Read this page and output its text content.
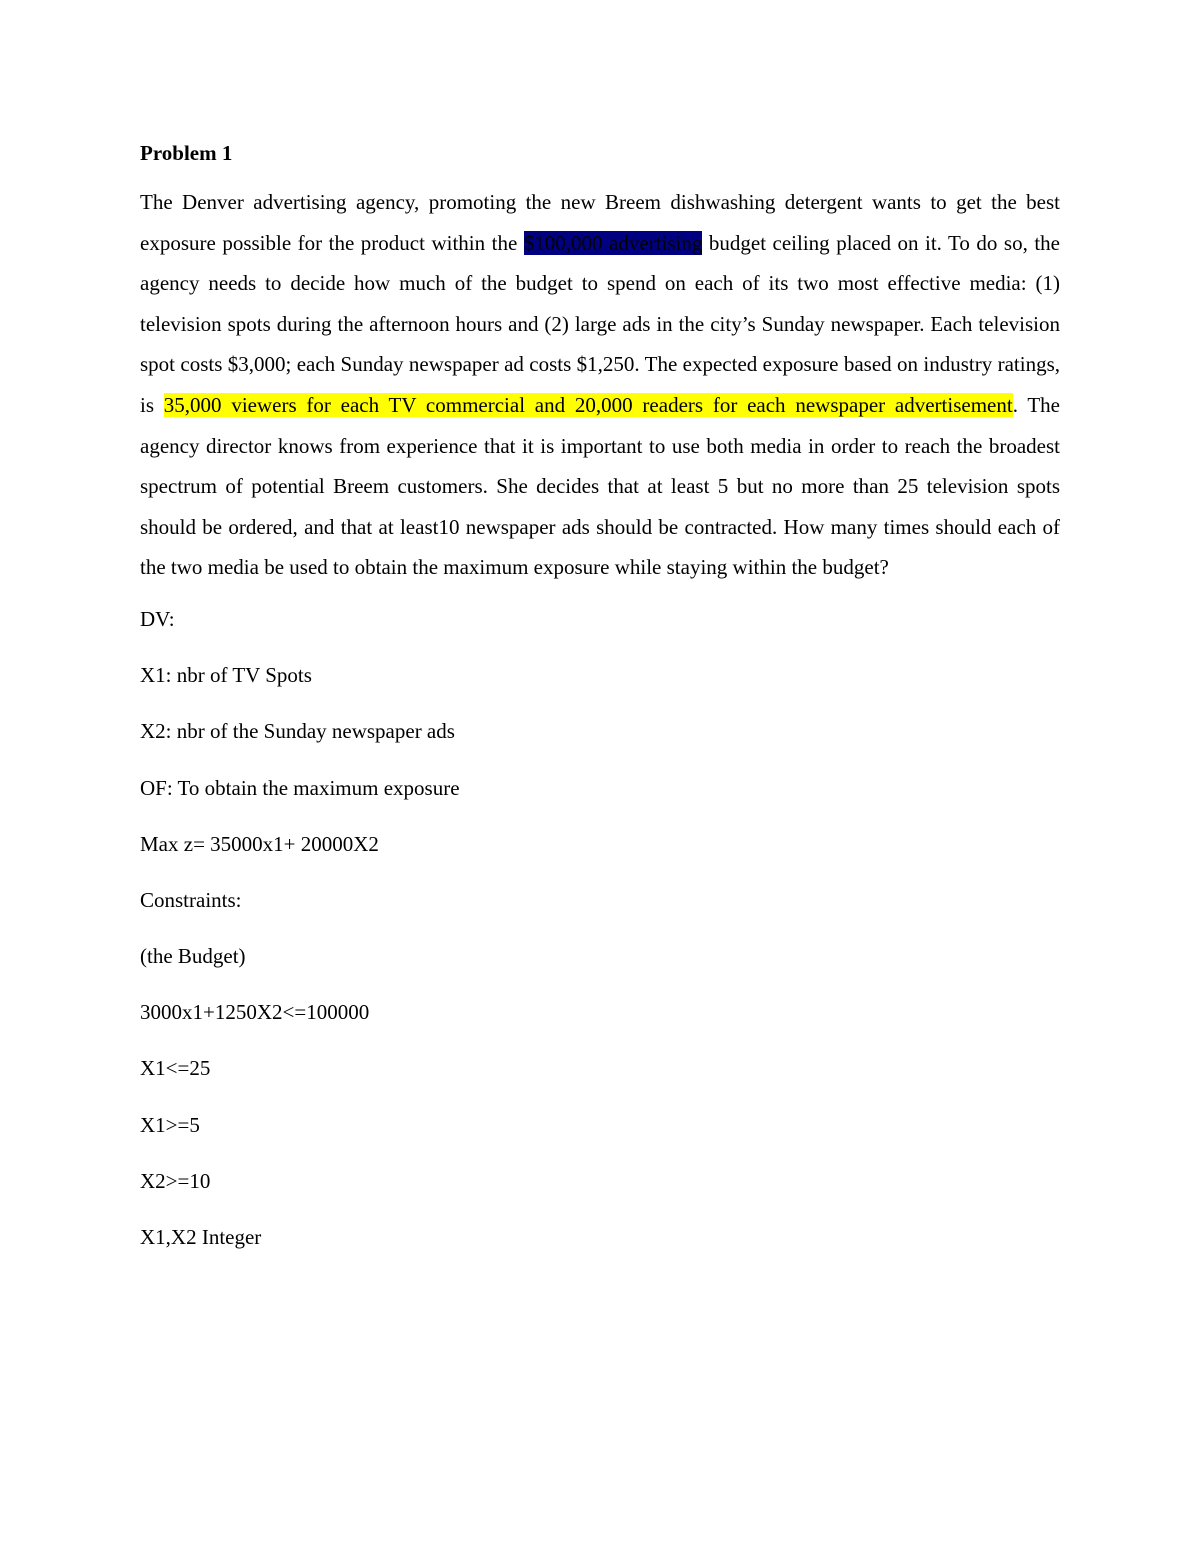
Problem 1

The Denver advertising agency, promoting the new Breem dishwashing detergent wants to get the best exposure possible for the product within the $100,000 advertising budget ceiling placed on it. To do so, the agency needs to decide how much of the budget to spend on each of its two most effective media: (1) television spots during the afternoon hours and (2) large ads in the city’s Sunday newspaper. Each television spot costs $3,000; each Sunday newspaper ad costs $1,250. The expected exposure based on industry ratings, is 35,000 viewers for each TV commercial and 20,000 readers for each newspaper advertisement. The agency director knows from experience that it is important to use both media in order to reach the broadest spectrum of potential Breem customers. She decides that at least 5 but no more than 25 television spots should be ordered, and that at least10 newspaper ads should be contracted. How many times should each of the two media be used to obtain the maximum exposure while staying within the budget?

DV:
X1: nbr of TV Spots
X2: nbr of the Sunday newspaper ads
OF: To obtain the maximum exposure
Max z= 35000x1+ 20000X2
Constraints:
(the Budget)
3000x1+1250X2<=100000
X1<=25
X1>=5
X2>=10
X1,X2 Integer
